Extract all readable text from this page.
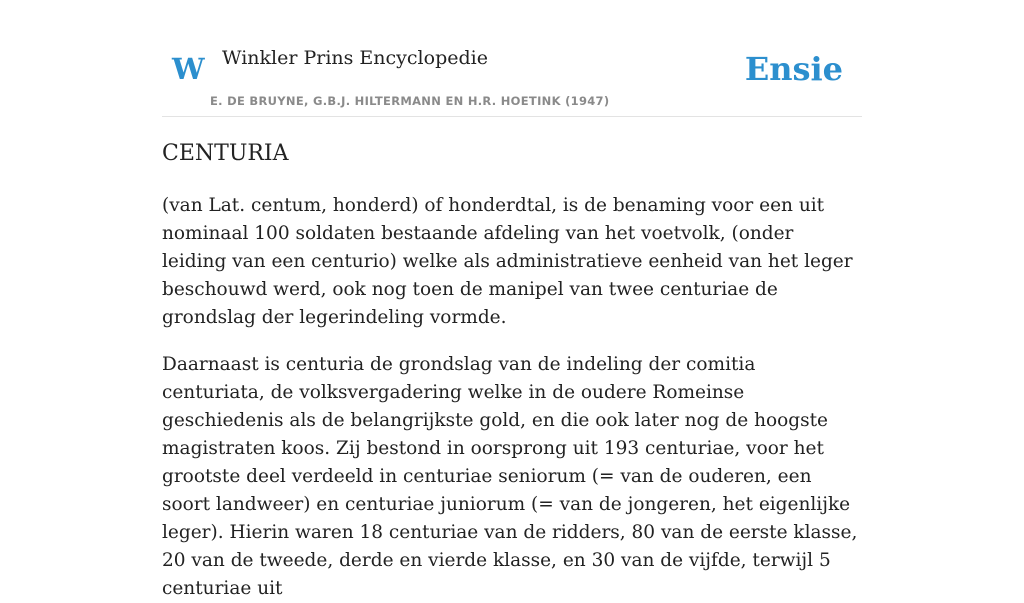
W Winkler Prins Encyclopedie
E. DE BRUYNE, G.B.J. HILTERMANN EN H.R. HOETINK (1947)
Ensie
CENTURIA

(van Lat. centum, honderd) of honderdtal, is de benaming voor een uit nominaal 100 soldaten bestaande afdeling van het voetvolk, (onder leiding van een centurio) welke als administratieve eenheid van het leger beschouwd werd, ook nog toen de manipel van twee centuriae de grondslag der legerindeling vormde.

Daarnaast is centuria de grondslag van de indeling der comitia centuriata, de volksvergadering welke in de oudere Romeinse geschiedenis als de belangrijkste gold, en die ook later nog de hoogste magistraten koos. Zij bestond in oorsprong uit 193 centuriae, voor het grootste deel verdeeld in centuriae seniorum (= van de ouderen, een soort landweer) en centuriae juniorum (= van de jongeren, het eigenlijke leger). Hierin waren 18 centuriae van de ridders, 80 van de eerste klasse, 20 van de tweede, derde en vierde klasse, en 30 van de vijfde, terwijl 5 centuriae uit
